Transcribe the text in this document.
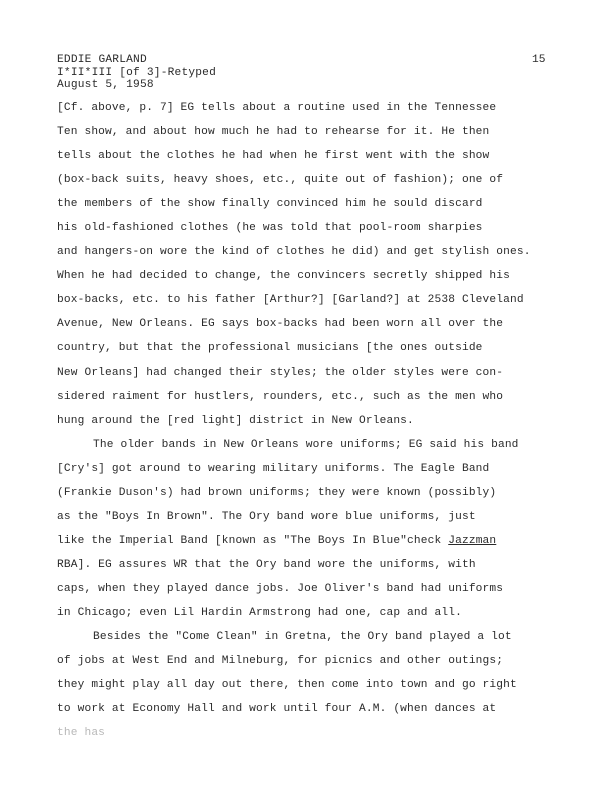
EDDIE GARLAND
I*II*III [of 3]-Retyped
August 5, 1958
15
[Cf. above, p. 7] EG tells about a routine used in the Tennessee
Ten show, and about how much he had to rehearse for it. He then
tells about the clothes he had when he first went with the show
(box-back suits, heavy shoes, etc., quite out of fashion); one of
the members of the show finally convinced him he sould discard
his old-fashioned clothes (he was told that pool-room sharpies
and hangers-on wore the kind of clothes he did) and get stylish ones.
When he had decided to change, the convincers secretly shipped his
box-backs, etc. to his father [Arthur?] [Garland?] at 2538 Cleveland
Avenue, New Orleans. EG says box-backs had been worn all over the
country, but that the professional musicians [the ones outside
New Orleans] had changed their styles; the older styles were con-
sidered raiment for hustlers, rounders, etc., such as the men who
hung around the [red light] district in New Orleans.
The older bands in New Orleans wore uniforms; EG said his band
[Cry's] got around to wearing military uniforms. The Eagle Band
(Frankie Duson's) had brown uniforms; they were known (possibly)
as the "Boys In Brown". The Ory band wore blue uniforms, just
like the Imperial Band [known as "The Boys In Blue"check Jazzman
RBA]. EG assures WR that the Ory band wore the uniforms, with
caps, when they played dance jobs. Joe Oliver's band had uniforms
in Chicago; even Lil Hardin Armstrong had one, cap and all.
Besides the "Come Clean" in Gretna, the Ory band played a lot
of jobs at West End and Milneburg, for picnics and other outings;
they might play all day out there, then come into town and go right
to work at Economy Hall and work until four A.M. (when dances at
the has
